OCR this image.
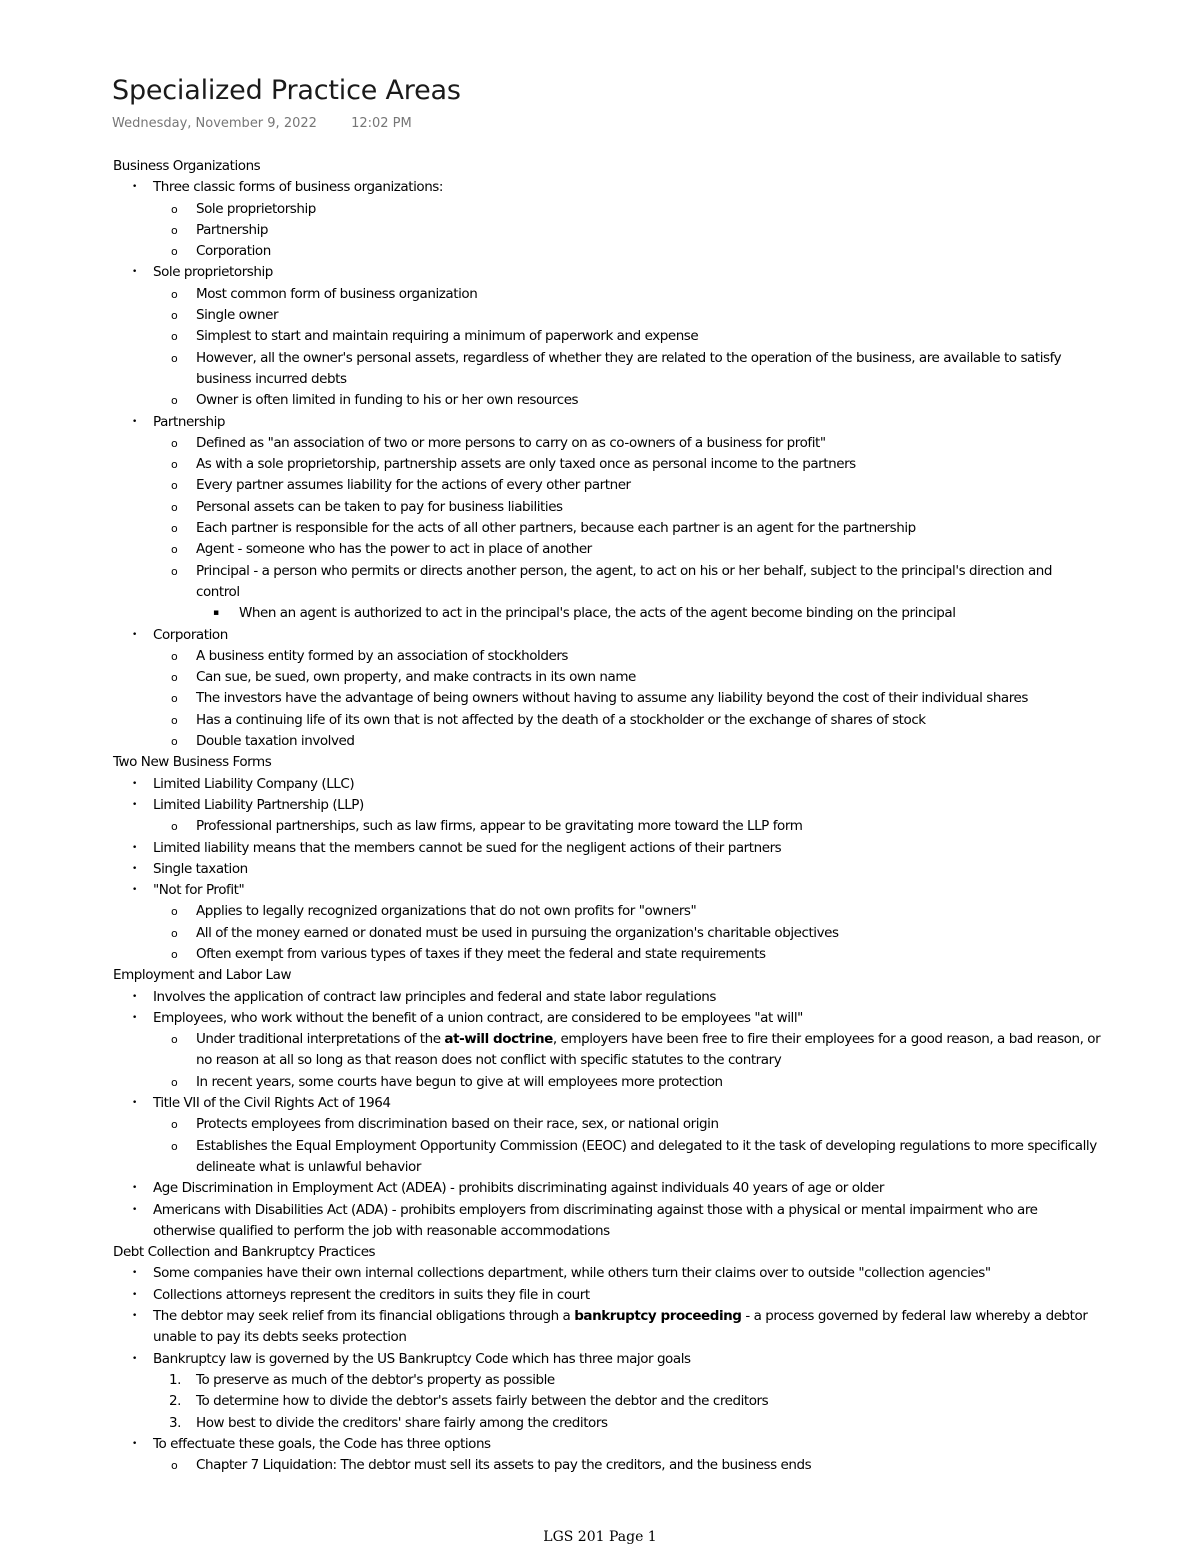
Specialized Practice Areas
Wednesday, November 9, 2022	12:02 PM
Business Organizations
• Three classic forms of business organizations:
o Sole proprietorship
o Partnership
o Corporation
• Sole proprietorship
o Most common form of business organization
o Single owner
o Simplest to start and maintain requiring a minimum of paperwork and expense
o However, all the owner's personal assets, regardless of whether they are related to the operation of the business, are available to satisfy
business incurred debts
o Owner is often limited in funding to his or her own resources
• Partnership
o Defined as "an association of two or more persons to carry on as co-owners of a business for profit"
o As with a sole proprietorship, partnership assets are only taxed once as personal income to the partners
o Every partner assumes liability for the actions of every other partner
o Personal assets can be taken to pay for business liabilities
o Each partner is responsible for the acts of all other partners, because each partner is an agent for the partnership
o Agent - someone who has the power to act in place of another
o Principal - a person who permits or directs another person, the agent, to act on his or her behalf, subject to the principal's direction and
control
▪ When an agent is authorized to act in the principal's place, the acts of the agent become binding on the principal
• Corporation
o A business entity formed by an association of stockholders
o Can sue, be sued, own property, and make contracts in its own name
o The investors have the advantage of being owners without having to assume any liability beyond the cost of their individual shares
o Has a continuing life of its own that is not affected by the death of a stockholder or the exchange of shares of stock
o Double taxation involved
Two New Business Forms
• Limited Liability Company (LLC)
• Limited Liability Partnership (LLP)
o Professional partnerships, such as law firms, appear to be gravitating more toward the LLP form
• Limited liability means that the members cannot be sued for the negligent actions of their partners
• Single taxation
• "Not for Profit"
o Applies to legally recognized organizations that do not own profits for "owners"
o All of the money earned or donated must be used in pursuing the organization's charitable objectives
o Often exempt from various types of taxes if they meet the federal and state requirements
Employment and Labor Law
• Involves the application of contract law principles and federal and state labor regulations
• Employees, who work without the benefit of a union contract, are considered to be employees "at will"
o Under traditional interpretations of the at-will doctrine, employers have been free to fire their employees for a good reason, a bad reason, or
no reason at all so long as that reason does not conflict with specific statutes to the contrary
o In recent years, some courts have begun to give at will employees more protection
• Title VII of the Civil Rights Act of 1964
o Protects employees from discrimination based on their race, sex, or national origin
o Establishes the Equal Employment Opportunity Commission (EEOC) and delegated to it the task of developing regulations to more specifically
delineate what is unlawful behavior
• Age Discrimination in Employment Act (ADEA) - prohibits discriminating against individuals 40 years of age or older
• Americans with Disabilities Act (ADA) - prohibits employers from discriminating against those with a physical or mental impairment who are
otherwise qualified to perform the job with reasonable accommodations
Debt Collection and Bankruptcy Practices
• Some companies have their own internal collections department, while others turn their claims over to outside "collection agencies"
• Collections attorneys represent the creditors in suits they file in court
• The debtor may seek relief from its financial obligations through a bankruptcy proceeding - a process governed by federal law whereby a debtor
unable to pay its debts seeks protection
• Bankruptcy law is governed by the US Bankruptcy Code which has three major goals
1. To preserve as much of the debtor's property as possible
2. To determine how to divide the debtor's assets fairly between the debtor and the creditors
3. How best to divide the creditors' share fairly among the creditors
• To effectuate these goals, the Code has three options
o Chapter 7 Liquidation: The debtor must sell its assets to pay the creditors, and the business ends
LGS 201 Page 1
